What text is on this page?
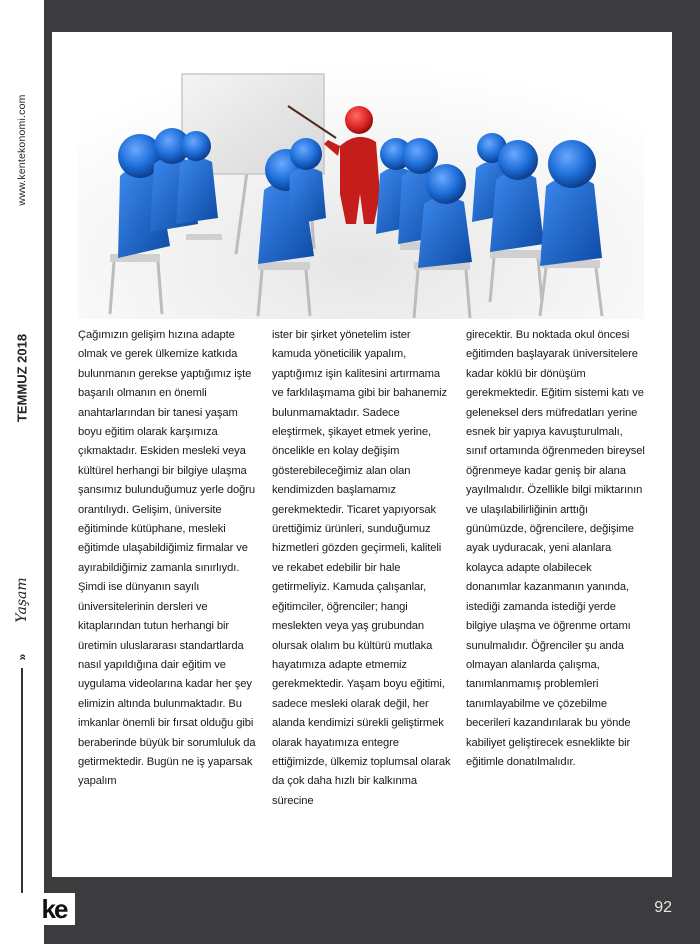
www.kentekonomi.com
TEMMUZ 2018
»
Yaşam

Çağımızın gelişim hızına adapte olmak ve gerek ülkemize katkıda bulunmanın gerekse yaptığımız işte başarılı olmanın en önemli anahtarlarından bir tanesi yaşam boyu eğitim olarak karşımıza çıkmaktadır. Eskiden mesleki veya kültürel herhangi bir bilgiye ulaşma şansımız bulunduğumuz yerle doğru orantılıydı. Gelişim, üniversite eğitiminde kütüphane, mesleki eğitimde ulaşabildiğimiz firmalar ve ayırabildiğimiz zamanla sınırlıydı. Şimdi ise dünyanın sayılı üniversitelerinin dersleri ve kitaplarından tutun herhangi bir üretimin uluslararası standartlarda nasıl yapıldığına dair eğitim ve uygulama videolarına kadar her şey elimizin altında bulunmaktadır. Bu imkanlar önemli bir fırsat olduğu gibi beraberinde büyük bir sorumluluk da getirmektedir. Bugün ne iş yaparsak yapalım

ister bir şirket yönetelim ister kamuda yöneticilik yapalım, yaptığımız işin kalitesini artırmama ve farklılaşmama gibi bir bahanemiz bulunmamaktadır. Sadece eleştirmek, şikayet etmek yerine, öncelikle en kolay değişim gösterebileceğimiz alan olan kendimizden başlamamız gerekmektedir. Ticaret yapıyorsak ürettiğimiz ürünleri, sunduğumuz hizmetleri gözden geçirmeli, kaliteli ve rekabet edebilir bir hale getirmeliyiz. Kamuda çalışanlar, eğitimciler, öğrenciler; hangi meslekten veya yaş grubundan olursak olalım bu kültürü mutlaka hayatımıza adapte etmemiz gerekmektedir. Yaşam boyu eğitimi, sadece mesleki olarak değil, her alanda kendimizi sürekli geliştirmek olarak hayatımıza entegre ettiğimizde, ülkemiz toplumsal olarak da çok daha hızlı bir kalkınma sürecine

girecektir. Bu noktada okul öncesi eğitimden başlayarak üniversitelere kadar köklü bir dönüşüm gerekmektedir. Eğitim sistemi katı ve geleneksel ders müfredatları yerine esnek bir yapıya kavuşturulmalı, sınıf ortamında öğrenmeden bireysel öğrenmeye kadar geniş bir alana yayılmalıdır. Özellikle bilgi miktarının ve ulaşılabilirliğinin arttığı günümüzde, öğrencilere, değişime ayak uyduracak, yeni alanlara kolayca adapte olabilecek donanımlar kazanmanın yanında, istediği zamanda istediği yerde bilgiye ulaşma ve öğrenme ortamı sunulmalıdır. Öğrenciler şu anda olmayan alanlarda çalışma, tanımlanmamış problemleri tanımlayabilme ve çözebilme becerileri kazandırılarak bu yönde kabiliyet geliştirecek esneklikte bir eğitimle donatılmalıdır.

ke	92
